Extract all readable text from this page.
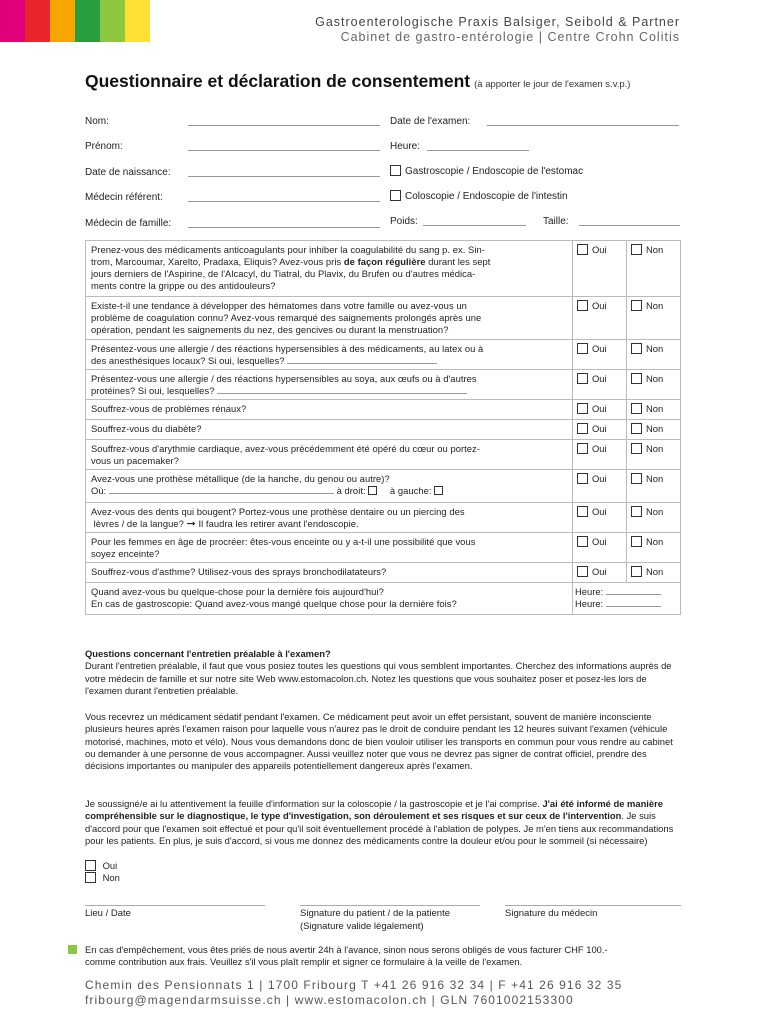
Gastroenterologische Praxis Balsiger, Seibold & Partner
Cabinet de gastro-entérologie | Centre Crohn Colitis
Questionnaire et déclaration de consentement (à apporter le jour de l'examen s.v.p.)
Nom:
Prénom:
Date de naissance:
Médecin référent:
Médecin de famille:
Date de l'examen:
Heure:
Gastroscopie / Endoscopie de l'estomac
Coloscopie / Endoscopie de l'intestin
Poids:	Taille:
Prenez-vous des médicaments anticoagulants pour inhiber la coagulabilité du sang p. ex. Sin-
trom, Marcoumar, Xarelto, Pradaxa, Eliquis? Avez-vous pris de façon régulière durant les sept
jours derniers de l'Aspirine, de l'Alcacyl, du Tiatral, du Plavix, du Brufen ou d'autres médica-
ments contre la grippe ou des antidouleurs?	Oui	Non
Existe-t-il une tendance à développer des hématomes dans votre famille ou avez-vous un
problème de coagulation connu? Avez-vous remarqué des saignements prolongés après une
opération, pendant les saignements du nez, des gencives ou durant la menstruation?	Oui	Non
Présentez-vous une allergie / des réactions hypersensibles à des médicaments, au latex ou à
des anesthésiques locaux? Si oui, lesquelles?	Oui	Non
Présentez-vous une allergie / des réactions hypersensibles au soya, aux œufs ou à d'autres
protéines? Si oui, lesquelles?	Oui	Non
Souffrez-vous de problèmes rénaux?	Oui	Non
Souffrez-vous du diabète?	Oui	Non
Souffrez-vous d'arythmie cardiaque, avez-vous précédemment été opéré du cœur ou portez-
vous un pacemaker?	Oui	Non
Avez-vous une prothèse métallique (de la hanche, du genou ou autre)?
Où: à droit: à gauche:	Oui	Non
Avez-vous des dents qui bougent? Portez-vous une prothèse dentaire ou un piercing des
lèvres / de la langue? ➞ Il faudra les retirer avant l'endoscopie.	Oui	Non
Pour les femmes en âge de procréer: êtes-vous enceinte ou y a-t-il une possibilité que vous
soyez enceinte?	Oui	Non
Souffrez-vous d'asthme? Utilisez-vous des sprays bronchodilatateurs?	Oui	Non
Quand avez-vous bu quelque-chose pour la dernière fois aujourd'hui?
En cas de gastroscopie: Quand avez-vous mangé quelque chose pour la dernière fois?	Heure:
Heure:	
Questions concernant l'entretien préalable à l'examen?
Durant l'entretien préalable, il faut que vous posiez toutes les questions qui vous semblent importantes. Cherchez des informations auprès de votre médecin de famille et sur notre site Web www.estomacolon.ch. Notez les questions que vous souhaitez poser et posez-les lors de l'examen durant l'entretien préalable.
Vous recevrez un médicament sédatif pendant l'examen. Ce médicament peut avoir un effet persistant, souvent de manière inconsciente plusieurs heures après l'examen raison pour laquelle vous n'aurez pas le droit de conduire pendant les 12 heures suivant l'examen (véhicule motorisé, machines, moto et vélo). Nous vous demandons donc de bien vouloir utiliser les transports en commun pour vous rendre au cabinet ou demander à une personne de vous accompagner. Aussi veuillez noter que vous ne devrez pas signer de contrat officiel, prendre des décisions importantes ou manipuler des appareils potentiellement dangereux après l'examen.
Je soussigné/e ai lu attentivement la feuille d'information sur la coloscopie / la gastroscopie et je l'ai comprise. J'ai été informé de manière compréhensible sur le diagnostique, le type d'investigation, son déroulement et ses risques et sur ceux de l'intervention. Je suis d'accord pour que l'examen soit effectué et pour qu'il soit éventuellement procédé à l'ablation de polypes. Je m'en tiens aux recommandations pour les patients. En plus, je suis d'accord, si vous me donnez des médicaments contre la douleur et/ou pour le sommeil (si nécessaire)
Oui
Non
Lieu / Date	Signature du patient / de la patiente
(Signature valide légalement)
Signature du médecin
En cas d'empêchement, vous êtes priés de nous avertir 24h à l'avance, sinon nous serons obligés de vous facturer CHF 100.-
comme contribution aux frais. Veuillez s'il vous plaît remplir et signer ce formulaire à la veille de l'examen.
Chemin des Pensionnats 1 | 1700 Fribourg T +41 26 916 32 34 | F +41 26 916 32 35
fribourg@magendarmsuisse.ch | www.estomacolon.ch | GLN 7601002153300
